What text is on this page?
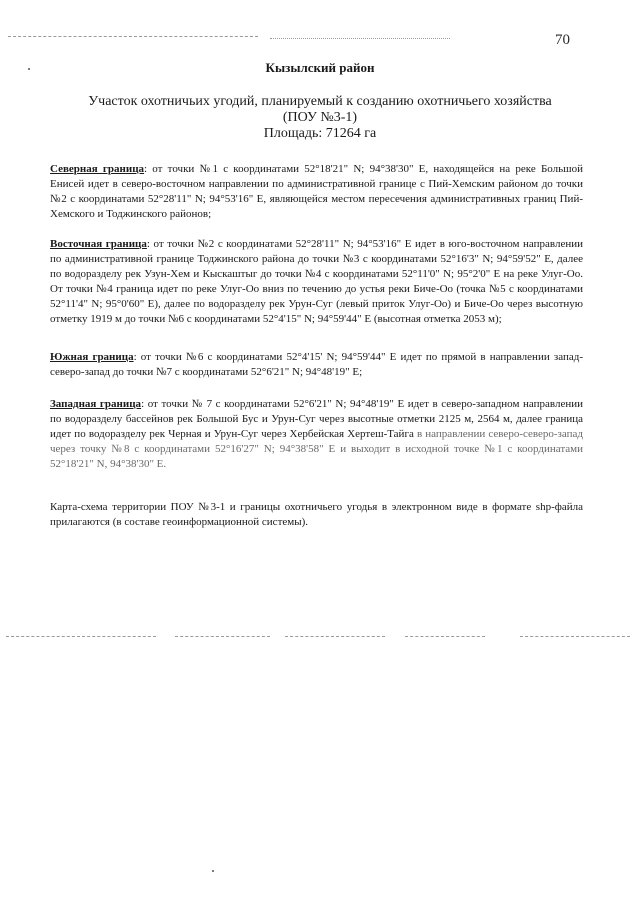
70
Кызылский район
Участок охотничьих угодий, планируемый к созданию охотничьего хозяйства
(ПОУ №3-1)
Площадь: 71264 га
Северная граница: от точки №1 с координатами 52°18'21" N; 94°38'30" E, находящейся на реке Большой Енисей идет в северо-восточном направлении по административной границе с Пий-Хемским районом до точки №2 с координатами 52°28'11" N; 94°53'16" E, являющейся местом пересечения административных границ Пий-Хемского и Тоджинского районов;
Восточная граница: от точки №2 с координатами 52°28'11" N; 94°53'16" E идет в юго-восточном направлении по административной границе Тоджинского района до точки №3 с координатами 52°16'3" N; 94°59'52" E, далее по водоразделу рек Узун-Хем и Кыскаштыг до точки №4 с координатами 52°11'0" N; 95°2'0" E на реке Улуг-Оо. От точки №4 граница идет по реке Улуг-Оо вниз по течению до устья реки Биче-Оо (точка №5 с координатами 52°11'4" N; 95°0'60" E), далее по водоразделу рек Урун-Суг (левый приток Улуг-Оо) и Биче-Оо через высотную отметку 1919 м до точки №6 с координатами 52°4'15" N; 94°59'44" E (высотная отметка 2053 м);
Южная граница: от точки №6 с координатами 52°4'15' N; 94°59'44" E идет по прямой в направлении запад-северо-запад до точки №7 с координатами 52°6'21" N; 94°48'19" E;
Западная граница: от точки № 7 с координатами 52°6'21" N; 94°48'19" E идет в северо-западном направлении по водоразделу бассейнов рек Большой Бус и Урун-Суг через высотные отметки 2125 м, 2564 м, далее граница идет по водоразделу рек Черная и Урун-Суг через Хербейская Хертеш-Тайга в направлении северо-северо-запад через точку №8 с координатами 52°16'27" N; 94°38'58" E и выходит в исходной точке №1 с координатами 52°18'21" N, 94°38'30" E.
Карта-схема территории ПОУ №3-1 и границы охотничьего угодья в электронном виде в формате shp-файла прилагаются (в составе геоинформационной системы).
